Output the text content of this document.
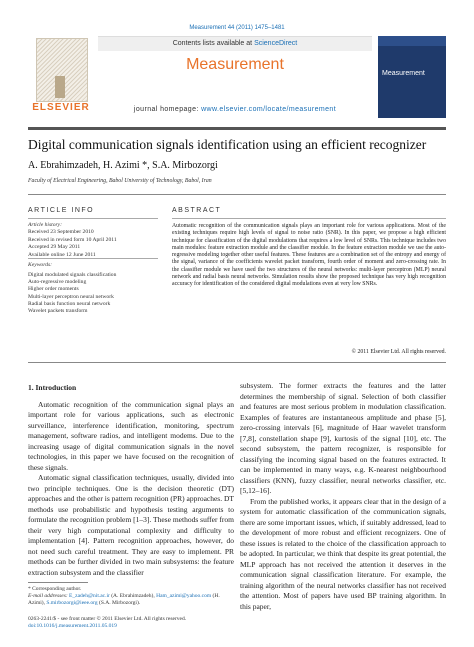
Measurement 44 (2011) 1475–1481
ELSEVIER
Contents lists available at ScienceDirect
Measurement
journal homepage: www.elsevier.com/locate/measurement
Measurement
Digital communication signals identification using an efficient recognizer
A. Ebrahimzadeh, H. Azimi *, S.A. Mirbozorgi
Faculty of Electrical Engineering, Babol University of Technology, Babol, Iran
ARTICLE INFO
Article history:
Received 23 September 2010
Received in revised form 10 April 2011
Accepted 29 May 2011
Available online 12 June 2011
Keywords:
Digital modulated signals classification
Auto-regressive modeling
Higher order moments
Multi-layer perceptron neural network
Radial basis function neural network
Wavelet packets transform
ABSTRACT
Automatic recognition of the communication signals plays an important role for various applications. Most of the existing techniques require high levels of signal to noise ratio (SNR). In this paper, we propose a high efficient technique for classification of the digital modulations that requires a low level of SNRs. This technique includes two main modules: feature extraction module and the classifier module. In the feature extraction module we use the auto-regressive modeling together other useful features. These features are a combination set of the entropy and energy of the signal, variance of the coefficients wavelet packet transform, fourth order of moment and zero-crossing rate. In the classifier module we have used the two structures of the neural networks: multi-layer perceptron (MLP) neural network and radial basis neural networks. Simulation results show the proposed technique has very high recognition accuracy for identification of the considered digital modulations even at very low SNRs.
© 2011 Elsevier Ltd. All rights reserved.
1. Introduction

Automatic recognition of the communication signal plays an important role for various applications, such as electronic surveillance, interference identification, monitoring, spectrum management, software radios, and intelligent modems. Due to the increasing usage of digital communication signals in the novel technologies, in this paper we have focused on the recognition of these signals.

Automatic signal classification techniques, usually, divided into two principle techniques. One is the decision theoretic (DT) approaches and the other is pattern recognition (PR) approaches. DT methods use probabilistic and hypothesis testing arguments to formulate the recognition problem [1–3]. These methods suffer from their very high computational complexity and difficulty to implementation [4]. Pattern recognition approaches, however, do not need such careful treatment. They are easy to implement. PR methods can be further divided in two main subsystems: the feature extraction subsystem and the classifier

subsystem. The former extracts the features and the latter determines the membership of signal. Selection of both classifier and features are most serious problem in modulation classification. Examples of features are instantaneous amplitude and phase [5], zero-crossing intervals [6], magnitude of Haar wavelet transform [7,8], constellation shape [9], kurtosis of the signal [10], etc. The second subsystem, the pattern recognizer, is responsible for classifying the incoming signal based on the features extracted. It can be implemented in many ways, e.g. K-nearest neighbourhood classifiers (KNN), fuzzy classifier, neural networks classifier, etc. [5,12–16].

From the published works, it appears clear that in the design of a system for automatic classification of the communication signals, there are some important issues, which, if suitably addressed, lead to the development of more robust and efficient recognizers. One of these issues is related to the choice of the classification approach to be adopted. In particular, we think that despite its great potential, the MLP approach has not received the attention it deserves in the communication signal classification literature. For example, the training algorithm of the neural networks classifier has not received the attention. Most of papers have used BP training algorithm. In this paper,

* Corresponding author.
E-mail addresses: E_zadeh@nit.ac.ir (A. Ebrahimzadeh), Ham_azimi@yahoo.com (H. Azimi), S.mirbozorgi@ieee.org (S.A. Mirbozorgi).
0263-2241/$ - see front matter © 2011 Elsevier Ltd. All rights reserved.
doi:10.1016/j.measurement.2011.05.019
